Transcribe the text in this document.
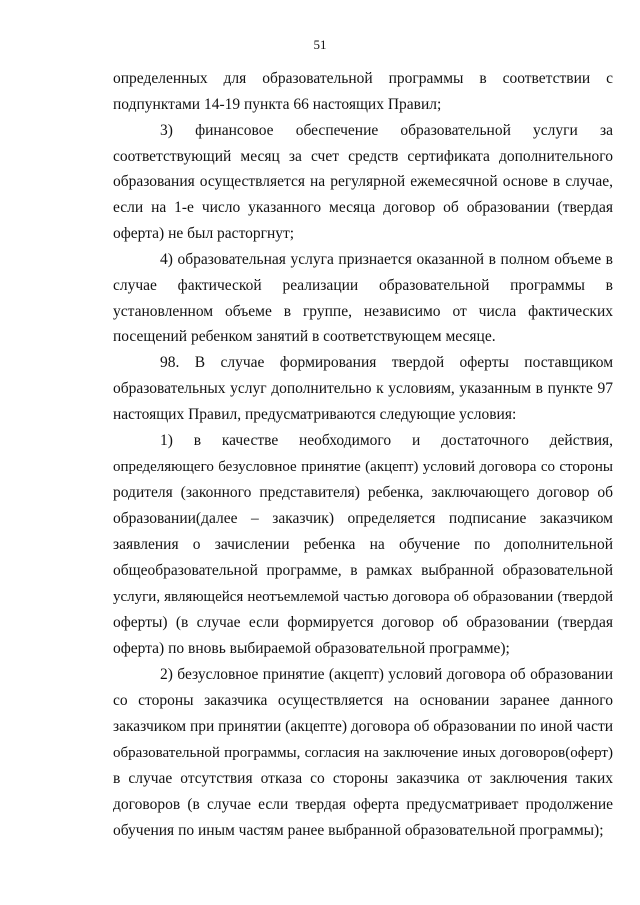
51
определенных для образовательной программы в соответствии с
подпунктами 14-19 пункта 66 настоящих Правил;
3) финансовое обеспечение образовательной услуги за
соответствующий месяц за счет средств сертификата дополнительного
образования осуществляется на регулярной ежемесячной основе в случае,
если на 1-е число указанного месяца договор об образовании (твердая
оферта) не был расторгнут;
4) образовательная услуга признается оказанной в полном объеме в
случае фактической реализации образовательной программы в
установленном объеме в группе, независимо от числа фактических
посещений ребенком занятий в соответствующем месяце.
98. В случае формирования твердой оферты поставщиком
образовательных услуг дополнительно к условиям, указанным в пункте 97
настоящих Правил, предусматриваются следующие условия:
1) в качестве необходимого и достаточного действия,
определяющего безусловное принятие (акцепт) условий договора со стороны
родителя (законного представителя) ребенка, заключающего договор об
образовании(далее – заказчик) определяется подписание заказчиком
заявления о зачислении ребенка на обучение по дополнительной
общеобразовательной программе, в рамках выбранной образовательной
услуги, являющейся неотъемлемой частью договора об образовании (твердой
оферты) (в случае если формируется договор об образовании (твердая
оферта) по вновь выбираемой образовательной программе);
2) безусловное принятие (акцепт) условий договора об образовании
со стороны заказчика осуществляется на основании заранее данного
заказчиком при принятии (акцепте) договора об образовании по иной части
образовательной программы, согласия на заключение иных договоров(оферт)
в случае отсутствия отказа со стороны заказчика от заключения таких
договоров (в случае если твердая оферта предусматривает продолжение
обучения по иным частям ранее выбранной образовательной программы);
